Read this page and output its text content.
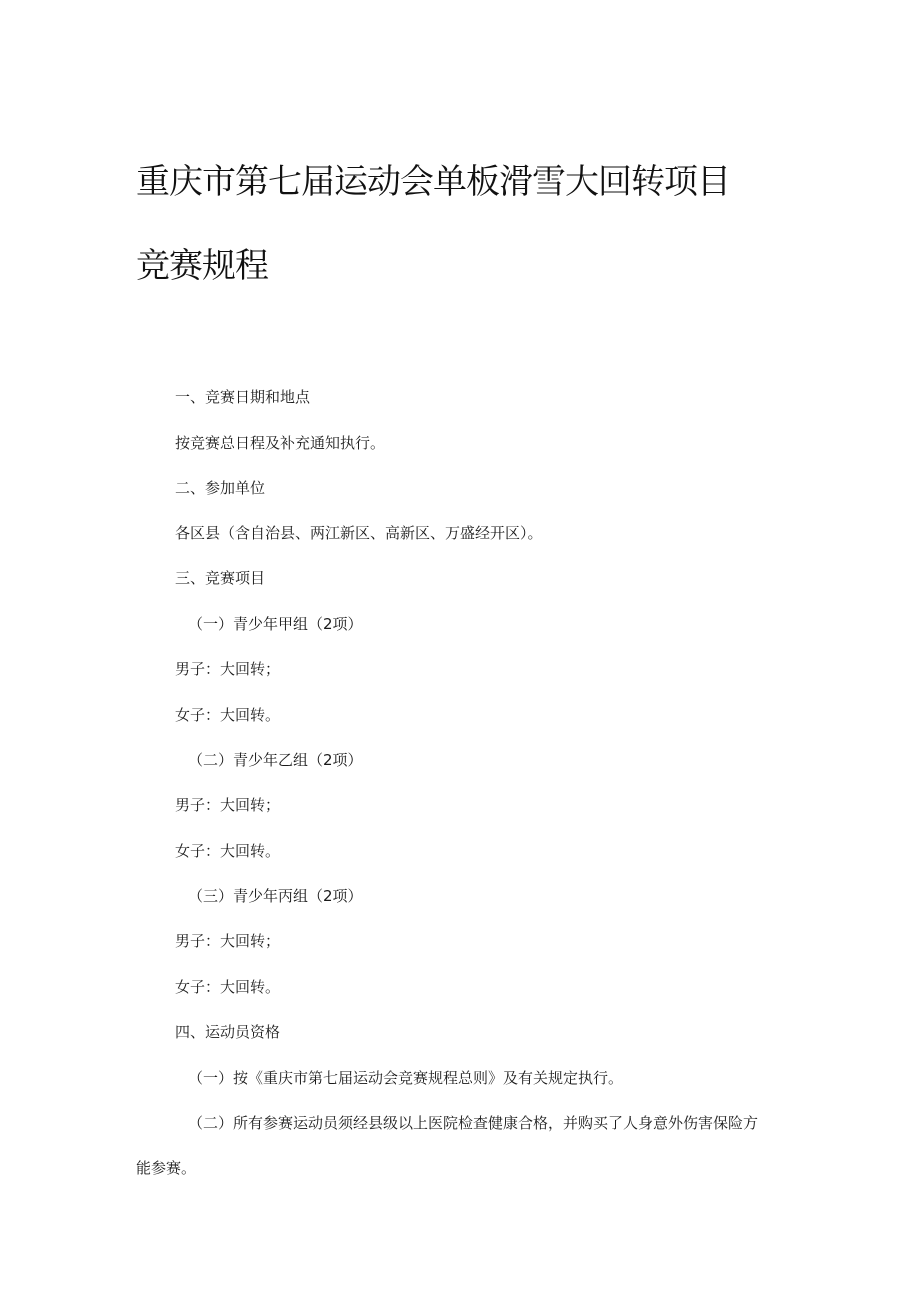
重庆市第七届运动会单板滑雪大回转项目
竞赛规程
一、竞赛日期和地点
按竞赛总日程及补充通知执行。
二、参加单位
各区县（含自治县、两江新区、高新区、万盛经开区）。
三、竞赛项目
（一）青少年甲组（2项）
男子：大回转；
女子：大回转。
（二）青少年乙组（2项）
男子：大回转；
女子：大回转。
（三）青少年丙组（2项）
男子：大回转；
女子：大回转。
四、运动员资格
（一）按《重庆市第七届运动会竞赛规程总则》及有关规定执行。
（二）所有参赛运动员须经县级以上医院检查健康合格，并购买了人身意外伤害保险方
能参赛。
